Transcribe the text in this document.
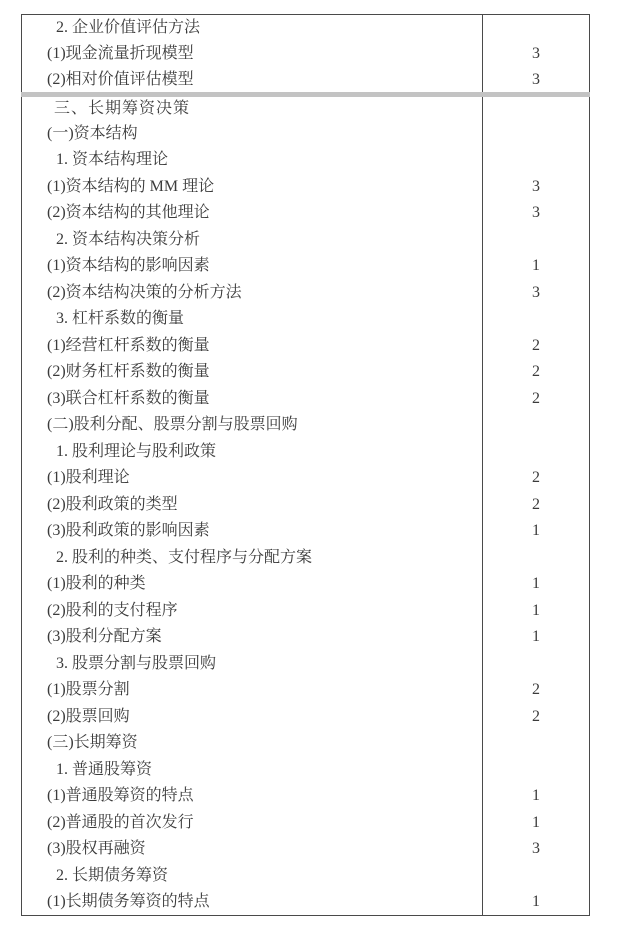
2. 企业价值评估方法	
(1)现金流量折现模型	3
(2)相对价值评估模型	3
三、长期筹资决策	
(一)资本结构	
1. 资本结构理论	
(1)资本结构的 MM 理论	3
(2)资本结构的其他理论	3
2. 资本结构决策分析	
(1)资本结构的影响因素	1
(2)资本结构决策的分析方法	3
3. 杠杆系数的衡量	
(1)经营杠杆系数的衡量	2
(2)财务杠杆系数的衡量	2
(3)联合杠杆系数的衡量	2
(二)股利分配、股票分割与股票回购	
1. 股利理论与股利政策	
(1)股利理论	2
(2)股利政策的类型	2
(3)股利政策的影响因素	1
2. 股利的种类、支付程序与分配方案	
(1)股利的种类	1
(2)股利的支付程序	1
(3)股利分配方案	1
3. 股票分割与股票回购	
(1)股票分割	2
(2)股票回购	2
(三)长期筹资	
1. 普通股筹资	
(1)普通股筹资的特点	1
(2)普通股的首次发行	1
(3)股权再融资	3
2. 长期债务筹资	
(1)长期债务筹资的特点	1
